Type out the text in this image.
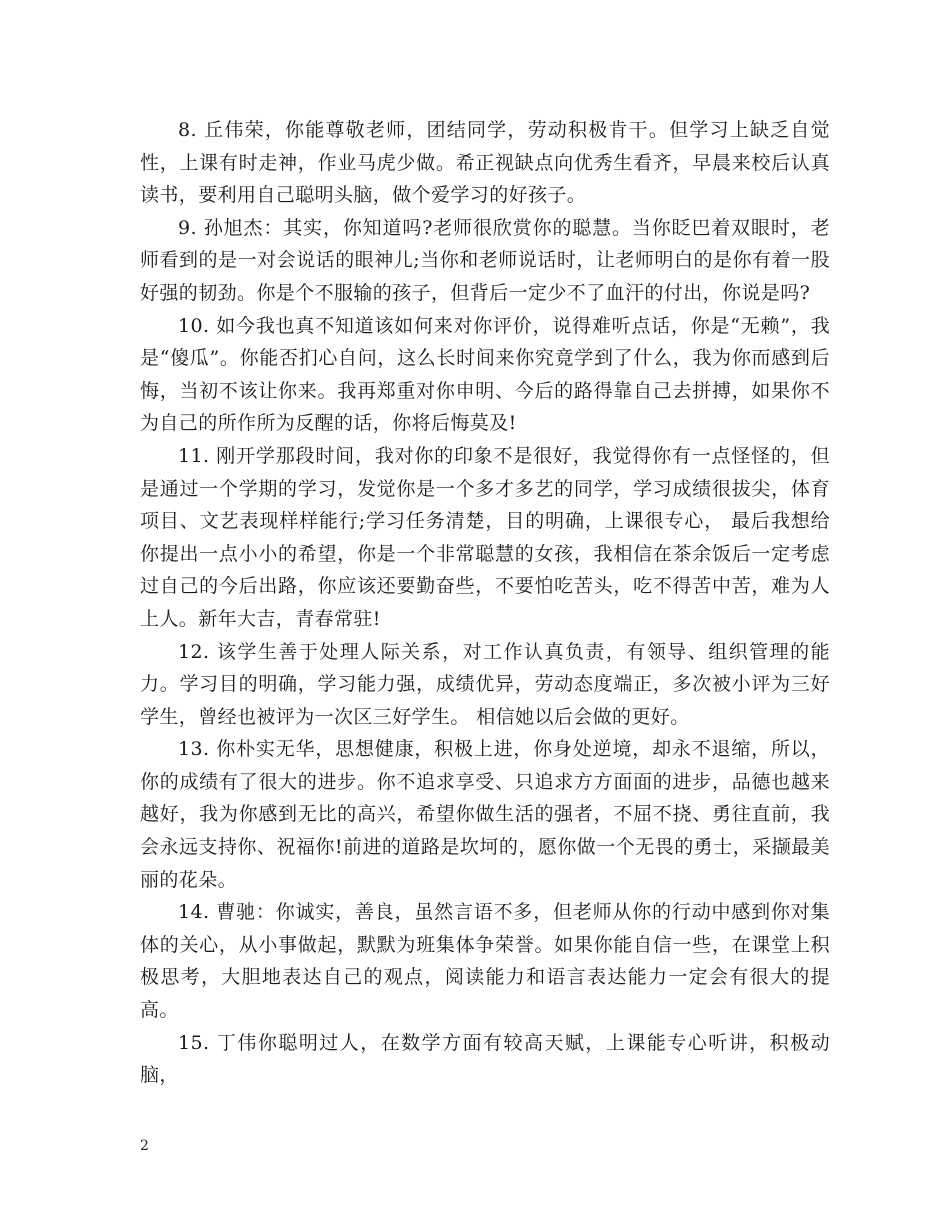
8. 丘伟荣，你能尊敬老师，团结同学，劳动积极肯干。但学习上缺乏自觉性，上课有时走神，作业马虎少做。希正视缺点向优秀生看齐，早晨来校后认真读书，要利用自己聪明头脑，做个爱学习的好孩子。

9. 孙旭杰：其实，你知道吗?老师很欣赏你的聪慧。当你眨巴着双眼时，老师看到的是一对会说话的眼神儿;当你和老师说话时，让老师明白的是你有着一股好强的韧劲。你是个不服输的孩子，但背后一定少不了血汗的付出，你说是吗?

10. 如今我也真不知道该如何来对你评价，说得难听点话，你是“无赖”，我是“傻瓜”。你能否扪心自问，这么长时间来你究竟学到了什么，我为你而感到后悔，当初不该让你来。我再郑重对你申明、今后的路得靠自己去拼搏，如果你不为自己的所作所为反醒的话，你将后悔莫及!

11. 刚开学那段时间，我对你的印象不是很好，我觉得你有一点怪怪的，但是通过一个学期的学习，发觉你是一个多才多艺的同学，学习成绩很拔尖，体育项目、文艺表现样样能行;学习任务清楚，目的明确，上课很专心， 最后我想给你提出一点小小的希望，你是一个非常聪慧的女孩，我相信在茶余饭后一定考虑过自己的今后出路，你应该还要勤奋些，不要怕吃苦头，吃不得苦中苦，难为人上人。新年大吉，青春常驻!

12. 该学生善于处理人际关系，对工作认真负责，有领导、组织管理的能力。学习目的明确，学习能力强，成绩优异，劳动态度端正，多次被小评为三好学生，曾经也被评为一次区三好学生。 相信她以后会做的更好。

13. 你朴实无华，思想健康，积极上进，你身处逆境，却永不退缩，所以，你的成绩有了很大的进步。你不追求享受、只追求方方面面的进步，品德也越来越好，我为你感到无比的高兴，希望你做生活的强者，不屈不挠、勇往直前，我会永远支持你、祝福你!前进的道路是坎坷的，愿你做一个无畏的勇士，采撷最美丽的花朵。

14. 曹驰：你诚实，善良，虽然言语不多，但老师从你的行动中感到你对集体的关心，从小事做起，默默为班集体争荣誉。如果你能自信一些，在课堂上积极思考，大胆地表达自己的观点，阅读能力和语言表达能力一定会有很大的提高。

15. 丁伟你聪明过人，在数学方面有较高天赋，上课能专心听讲，积极动脑，

2
